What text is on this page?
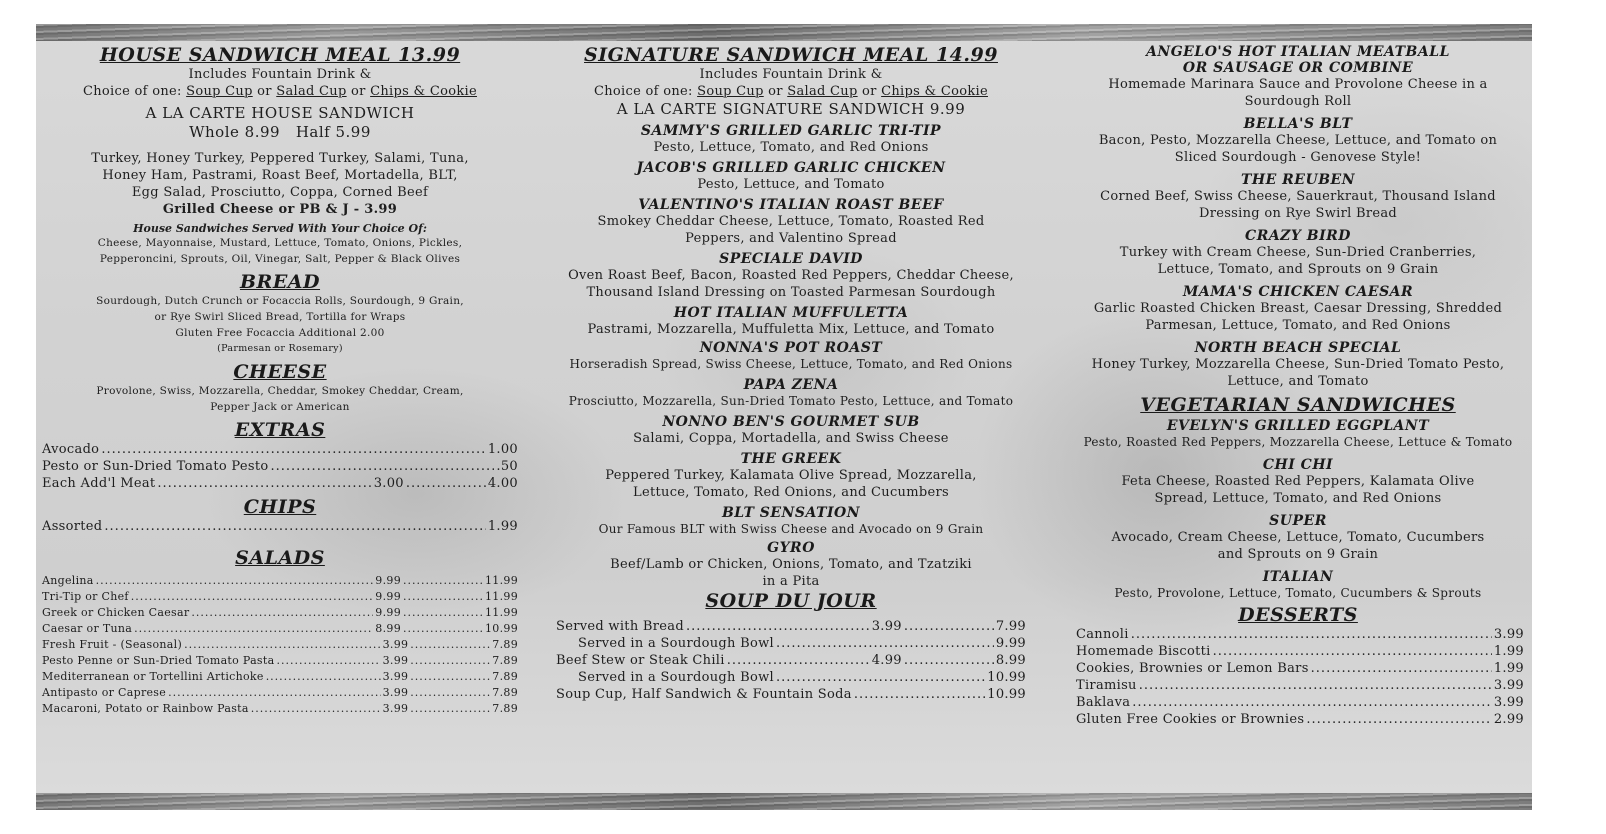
HOUSE SANDWICH MEAL 13.99
Includes Fountain Drink &
Choice of one: Soup Cup or Salad Cup or Chips & Cookie
A LA CARTE HOUSE SANDWICH
Whole 8.99   Half 5.99
Turkey, Honey Turkey, Peppered Turkey, Salami, Tuna,
Honey Ham, Pastrami, Roast Beef, Mortadella, BLT,
Egg Salad, Prosciutto, Coppa, Corned Beef
Grilled Cheese or PB & J - 3.99
House Sandwiches Served With Your Choice Of:
Cheese, Mayonnaise, Mustard, Lettuce, Tomato, Onions, Pickles,
Pepperoncini, Sprouts, Oil, Vinegar, Salt, Pepper & Black Olives
BREAD
Sourdough, Dutch Crunch or Focaccia Rolls, Sourdough, 9 Grain,
or Rye Swirl Sliced Bread, Tortilla for Wraps
Gluten Free Focaccia Additional 2.00
(Parmesan or Rosemary)
CHEESE
Provolone, Swiss, Mozzarella, Cheddar, Smokey Cheddar, Cream,
Pepper Jack or American
EXTRAS
Avocado .....	1.00
Pesto or Sun-Dried Tomato Pesto .....	.50
Each Add'l Meat .....	3.00 .....	4.00
CHIPS
Assorted .....	1.99
SALADS
Angelina .....	9.99 .....	11.99
Tri-Tip or Chef .....	9.99 .....	11.99
Greek or Chicken Caesar .....	9.99 .....	11.99
Caesar or Tuna .....	8.99 .....	10.99
Fresh Fruit - (Seasonal) .....	3.99 .....	7.89
Pesto Penne or Sun-Dried Tomato Pasta .....	3.99 .....	7.89
Mediterranean or Tortellini Artichoke .....	3.99 .....	7.89
Antipasto or Caprese .....	3.99 .....	7.89
Macaroni, Potato or Rainbow Pasta .....	3.99 .....	7.89
SIGNATURE SANDWICH MEAL 14.99
Includes Fountain Drink &
Choice of one: Soup Cup or Salad Cup or Chips & Cookie
A LA CARTE SIGNATURE SANDWICH 9.99
SAMMY'S GRILLED GARLIC TRI-TIP
Pesto, Lettuce, Tomato, and Red Onions
JACOB'S GRILLED GARLIC CHICKEN
Pesto, Lettuce, and Tomato
VALENTINO'S ITALIAN ROAST BEEF
Smokey Cheddar Cheese, Lettuce, Tomato, Roasted Red
Peppers, and Valentino Spread
SPECIALE DAVID
Oven Roast Beef, Bacon, Roasted Red Peppers, Cheddar Cheese,
Thousand Island Dressing on Toasted Parmesan Sourdough
HOT ITALIAN MUFFULETTA
Pastrami, Mozzarella, Muffuletta Mix, Lettuce, and Tomato
NONNA'S POT ROAST
Horseradish Spread, Swiss Cheese, Lettuce, Tomato, and Red Onions
PAPA ZENA
Prosciutto, Mozzarella, Sun-Dried Tomato Pesto, Lettuce, and Tomato
NONNO BEN'S GOURMET SUB
Salami, Coppa, Mortadella, and Swiss Cheese
THE GREEK
Peppered Turkey, Kalamata Olive Spread, Mozzarella,
Lettuce, Tomato, Red Onions, and Cucumbers
BLT SENSATION
Our Famous BLT with Swiss Cheese and Avocado on 9 Grain
GYRO
Beef/Lamb or Chicken, Onions, Tomato, and Tzatziki
in a Pita
SOUP DU JOUR
Served with Bread .....	3.99 .....	7.99
Served in a Sourdough Bowl .....	9.99
Beef Stew or Steak Chili .....	4.99 .....	8.99
Served in a Sourdough Bowl .....	10.99
Soup Cup, Half Sandwich & Fountain Soda .....	10.99
ANGELO'S HOT ITALIAN MEATBALL
OR SAUSAGE OR COMBINE
Homemade Marinara Sauce and Provolone Cheese in a
Sourdough Roll
BELLA'S BLT
Bacon, Pesto, Mozzarella Cheese, Lettuce, and Tomato on
Sliced Sourdough - Genovese Style!
THE REUBEN
Corned Beef, Swiss Cheese, Sauerkraut, Thousand Island
Dressing on Rye Swirl Bread
CRAZY BIRD
Turkey with Cream Cheese, Sun-Dried Cranberries,
Lettuce, Tomato, and Sprouts on 9 Grain
MAMA'S CHICKEN CAESAR
Garlic Roasted Chicken Breast, Caesar Dressing, Shredded
Parmesan, Lettuce, Tomato, and Red Onions
NORTH BEACH SPECIAL
Honey Turkey, Mozzarella Cheese, Sun-Dried Tomato Pesto,
Lettuce, and Tomato
VEGETARIAN SANDWICHES
EVELYN'S GRILLED EGGPLANT
Pesto, Roasted Red Peppers, Mozzarella Cheese, Lettuce & Tomato
CHI CHI
Feta Cheese, Roasted Red Peppers, Kalamata Olive
Spread, Lettuce, Tomato, and Red Onions
SUPER
Avocado, Cream Cheese, Lettuce, Tomato, Cucumbers
and Sprouts on 9 Grain
ITALIAN
Pesto, Provolone, Lettuce, Tomato, Cucumbers & Sprouts
DESSERTS
Cannoli .....	3.99
Homemade Biscotti .....	1.99
Cookies, Brownies or Lemon Bars .....	1.99
Tiramisu .....	3.99
Baklava .....	3.99
Gluten Free Cookies or Brownies .....	2.99
